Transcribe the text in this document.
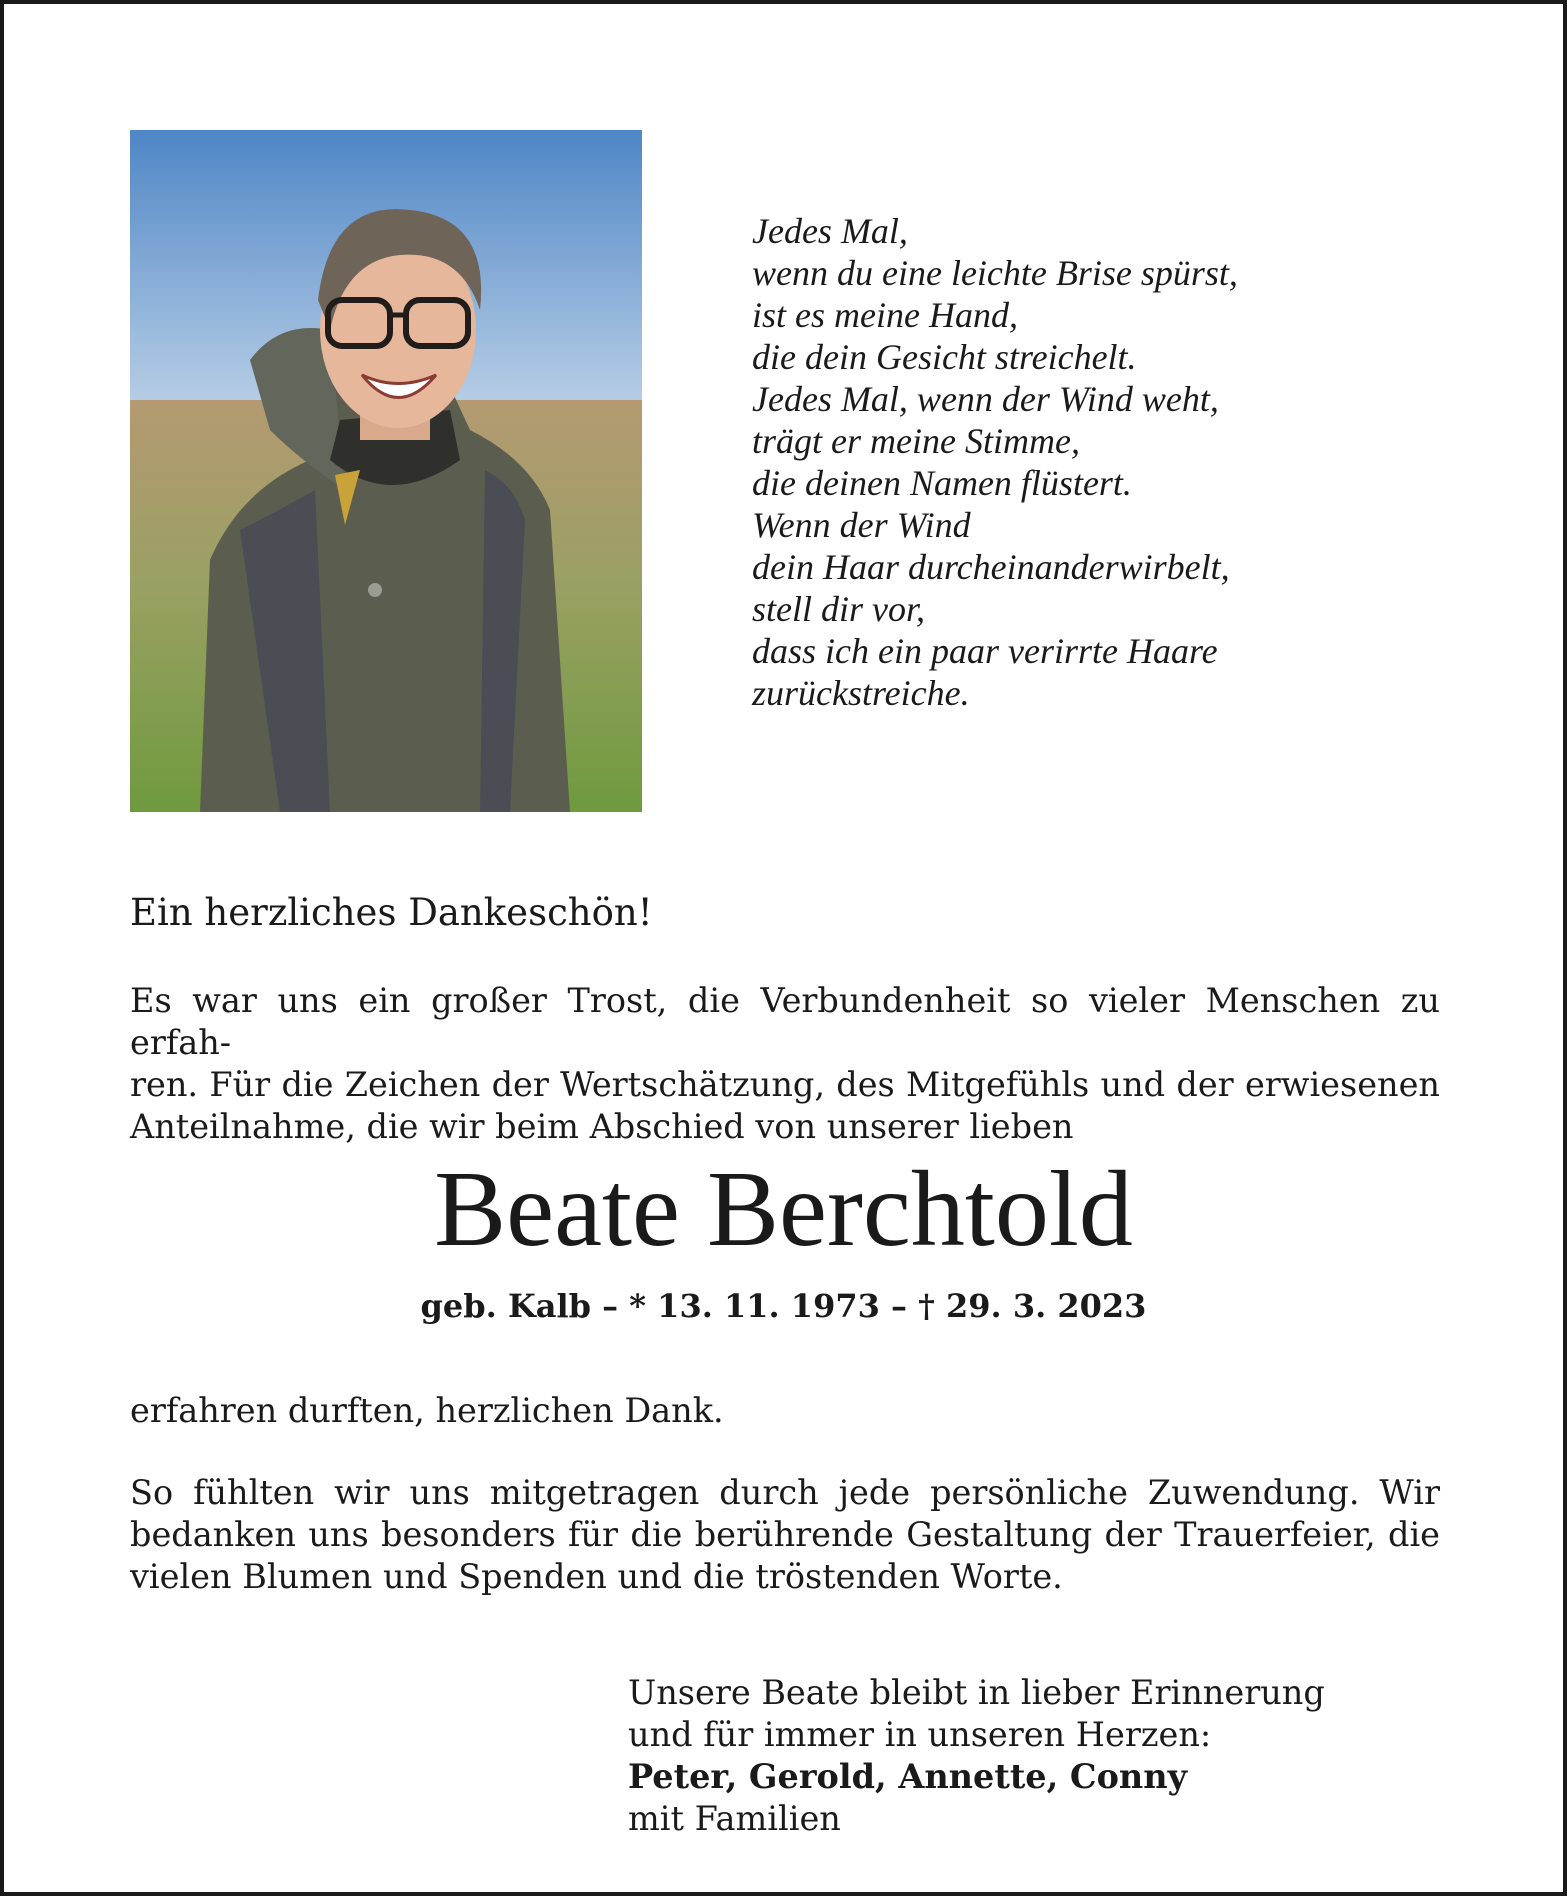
Jedes Mal,
wenn du eine leichte Brise spürst,
ist es meine Hand,
die dein Gesicht streichelt.
Jedes Mal, wenn der Wind weht,
trägt er meine Stimme,
die deinen Namen flüstert.
Wenn der Wind
dein Haar durcheinanderwirbelt,
stell dir vor,
dass ich ein paar verirrte Haare
zurückstreiche.
Ein herzliches Dankeschön!
Es war uns ein großer Trost, die Verbundenheit so vieler Menschen zu erfah-
ren. Für die Zeichen der Wertschätzung, des Mitgefühls und der erwiesenen
Anteilnahme, die wir beim Abschied von unserer lieben
Beate Berchtold
geb. Kalb – * 13. 11. 1973 – † 29. 3. 2023
erfahren durften, herzlichen Dank.
So fühlten wir uns mitgetragen durch jede persönliche Zuwendung. Wir
bedanken uns besonders für die berührende Gestaltung der Trauerfeier, die
vielen Blumen und Spenden und die tröstenden Worte.
Unsere Beate bleibt in lieber Erinnerung
und für immer in unseren Herzen:
Peter, Gerold, Annette, Conny
mit Familien
